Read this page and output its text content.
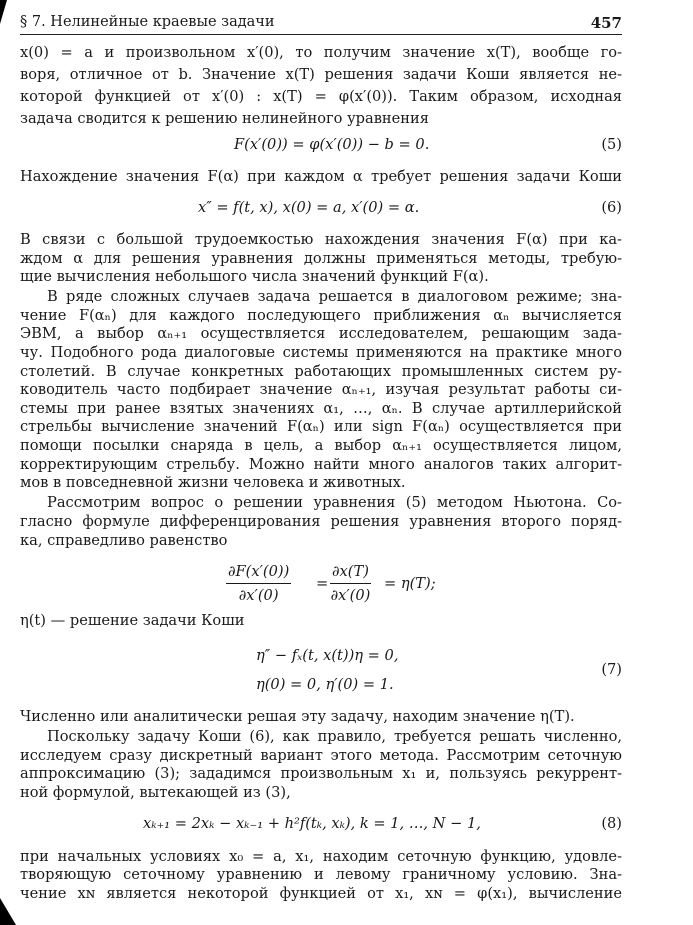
§ 7. Нелинейные краевые задачи	457
x(0) = a и произвольном x′(0), то получим значение x(T), вообще го-
воря, отличное от b. Значение x(T) решения задачи Коши является не-
которой функцией от x′(0) : x(T) = φ(x′(0)). Таким образом, исходная
задача сводится к решению нелинейного уравнения
F(x′(0)) = φ(x′(0)) − b = 0.	(5)
Нахождение значения F(α) при каждом α требует решения задачи Коши
x″ = f(t, x), x(0) = a, x′(0) = α.	(6)
В связи с большой трудоемкостью нахождения значения F(α) при ка-
ждом α для решения уравнения должны применяться методы, требую-
щие вычисления небольшого числа значений функций F(α).
В ряде сложных случаев задача решается в диалоговом режиме; зна-
чение F(αₙ) для каждого последующего приближения αₙ вычисляется
ЭВМ, а выбор αₙ₊₁ осуществляется исследователем, решающим зада-
чу. Подобного рода диалоговые системы применяются на практике много
столетий. В случае конкретных работающих промышленных систем ру-
ководитель часто подбирает значение αₙ₊₁, изучая результат работы си-
стемы при ранее взятых значениях α₁, …, αₙ. В случае артиллерийской
стрельбы вычисление значений F(αₙ) или sign F(αₙ) осуществляется при
помощи посылки снаряда в цель, а выбор αₙ₊₁ осуществляется лицом,
корректирующим стрельбу. Можно найти много аналогов таких алгорит-
мов в повседневной жизни человека и животных.
Рассмотрим вопрос о решении уравнения (5) методом Ньютона. Со-
гласно формуле дифференцирования решения уравнения второго поряд-
ка, справедливо равенство
$\frac{\partial F(x'(0))}{\partial x'(0)} = \frac{\partial x(T)}{\partial x'(0)} = \eta(T)$;
η(t) — решение задачи Коши
η″ − fₓ(t, x(t))η = 0,
η(0) = 0, η′(0) = 1.
(7)
Численно или аналитически решая эту задачу, находим значение η(T).
Поскольку задачу Коши (6), как правило, требуется решать численно,
исследуем сразу дискретный вариант этого метода. Рассмотрим сеточную
аппроксимацию (3); зададимся произвольным x₁ и, пользуясь рекуррент-
ной формулой, вытекающей из (3),
xₖ₊₁ = 2xₖ − xₖ₋₁ + h²f(tₖ, xₖ), k = 1, …, N − 1,	(8)
при начальных условиях x₀ = a, x₁, находим сеточную функцию, удовле-
творяющую сеточному уравнению и левому граничному условию. Зна-
чение xɴ является некоторой функцией от x₁, xɴ = φ(x₁), вычисление
